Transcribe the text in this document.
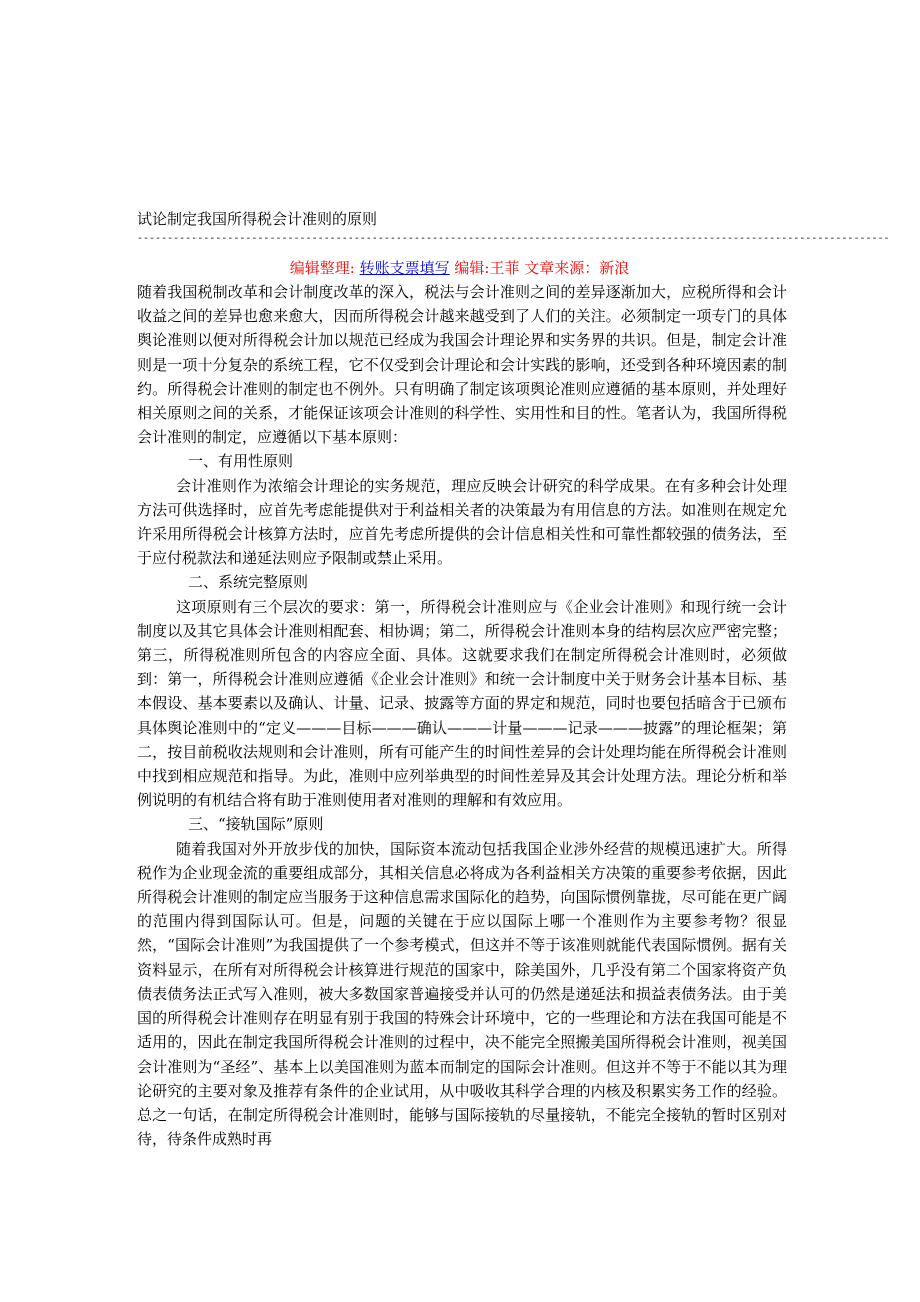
试论制定我国所得税会计准则的原则
-----------------------------------------------------------------------------------------------------------------------------
编辑整理: 转账支票填写 编辑:王菲 文章来源：新浪

随着我国税制改革和会计制度改革的深入，税法与会计准则之间的差异逐渐加大，应税所得和会计收益之间的差异也愈来愈大，因而所得税会计越来越受到了人们的关注。必须制定一项专门的具体舆论准则以便对所得税会计加以规范已经成为我国会计理论界和实务界的共识。但是，制定会计准则是一项十分复杂的系统工程，它不仅受到会计理论和会计实践的影响，还受到各种环境因素的制约。所得税会计准则的制定也不例外。只有明确了制定该项舆论准则应遵循的基本原则，并处理好相关原则之间的关系，才能保证该项会计准则的科学性、实用性和目的性。笔者认为，我国所得税会计准则的制定，应遵循以下基本原则：

一、有用性原则

会计准则作为浓缩会计理论的实务规范，理应反映会计研究的科学成果。在有多种会计处理方法可供选择时，应首先考虑能提供对于利益相关者的决策最为有用信息的方法。如准则在规定允许采用所得税会计核算方法时，应首先考虑所提供的会计信息相关性和可靠性都较强的债务法，至于应付税款法和递延法则应予限制或禁止采用。

二、系统完整原则

这项原则有三个层次的要求：第一，所得税会计准则应与《企业会计准则》和现行统一会计制度以及其它具体会计准则相配套、相协调；第二，所得税会计准则本身的结构层次应严密完整；第三，所得税准则所包含的内容应全面、具体。这就要求我们在制定所得税会计准则时，必须做到：第一，所得税会计准则应遵循《企业会计准则》和统一会计制度中关于财务会计基本目标、基本假设、基本要素以及确认、计量、记录、披露等方面的界定和规范，同时也要包括暗含于已颁布具体舆论准则中的“定义———目标———确认———计量———记录———披露”的理论框架；第二，按目前税收法规则和会计准则，所有可能产生的时间性差异的会计处理均能在所得税会计准则中找到相应规范和指导。为此，准则中应列举典型的时间性差异及其会计处理方法。理论分析和举例说明的有机结合将有助于准则使用者对准则的理解和有效应用。

三、“接轨国际”原则

随着我国对外开放步伐的加快，国际资本流动包括我国企业涉外经营的规模迅速扩大。所得税作为企业现金流的重要组成部分，其相关信息必将成为各利益相关方决策的重要参考依据，因此所得税会计准则的制定应当服务于这种信息需求国际化的趋势，向国际惯例靠拢，尽可能在更广阔的范围内得到国际认可。但是，问题的关键在于应以国际上哪一个准则作为主要参考物？很显然，“国际会计准则”为我国提供了一个参考模式，但这并不等于该准则就能代表国际惯例。据有关资料显示，在所有对所得税会计核算进行规范的国家中，除美国外，几乎没有第二个国家将资产负债表债务法正式写入准则，被大多数国家普遍接受并认可的仍然是递延法和损益表债务法。由于美国的所得税会计准则存在明显有别于我国的特殊会计环境中，它的一些理论和方法在我国可能是不适用的，因此在制定我国所得税会计准则的过程中，决不能完全照搬美国所得税会计准则，视美国会计准则为“圣经”、基本上以美国准则为蓝本而制定的国际会计准则。但这并不等于不能以其为理论研究的主要对象及推荐有条件的企业试用，从中吸收其科学合理的内核及积累实务工作的经验。总之一句话，在制定所得税会计准则时，能够与国际接轨的尽量接轨，不能完全接轨的暂时区别对待，待条件成熟时再
